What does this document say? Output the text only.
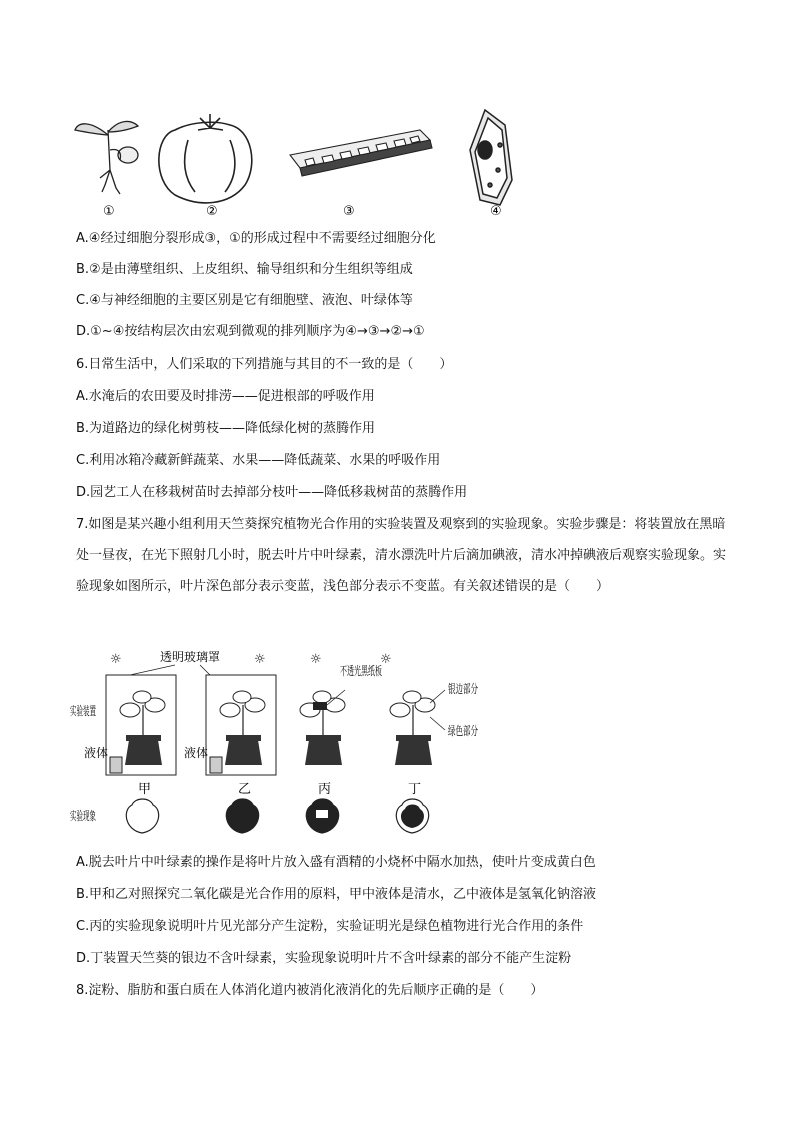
①	②	③	④
A.④经过细胞分裂形成③，①的形成过程中不需要经过细胞分化
B.②是由薄壁组织、上皮组织、输导组织和分生组织等组成
C.④与神经细胞的主要区别是它有细胞壁、液泡、叶绿体等
D.①~④按结构层次由宏观到微观的排列顺序为④→③→②→①
6.日常生活中，人们采取的下列措施与其目的不一致的是（　　）
A.水淹后的农田要及时排涝——促进根部的呼吸作用
B.为道路边的绿化树剪枝——降低绿化树的蒸腾作用
C.利用冰箱冷藏新鲜蔬菜、水果——降低蔬菜、水果的呼吸作用
D.园艺工人在移栽树苗时去掉部分枝叶——降低移栽树苗的蒸腾作用
7.如图是某兴趣小组利用天竺葵探究植物光合作用的实验装置及观察到的实验现象。实验步骤是：将装置放在黑暗处一昼夜，在光下照射几小时，脱去叶片中叶绿素，清水漂洗叶片后滴加碘液，清水冲掉碘液后观察实验现象。实验现象如图所示，叶片深色部分表示变蓝，浅色部分表示不变蓝。有关叙述错误的是（　　）
☼	☼	☼	☼
透明玻璃罩
实验装置
液体
甲
液体
乙	丙
不透光黑纸板
丁
银边部分
绿色部分
实验现象
A.脱去叶片中叶绿素的操作是将叶片放入盛有酒精的小烧杯中隔水加热，使叶片变成黄白色
B.甲和乙对照探究二氧化碳是光合作用的原料，甲中液体是清水，乙中液体是氢氧化钠溶液
C.丙的实验现象说明叶片见光部分产生淀粉，实验证明光是绿色植物进行光合作用的条件
D.丁装置天竺葵的银边不含叶绿素，实验现象说明叶片不含叶绿素的部分不能产生淀粉
8.淀粉、脂肪和蛋白质在人体消化道内被消化液消化的先后顺序正确的是（　　）
